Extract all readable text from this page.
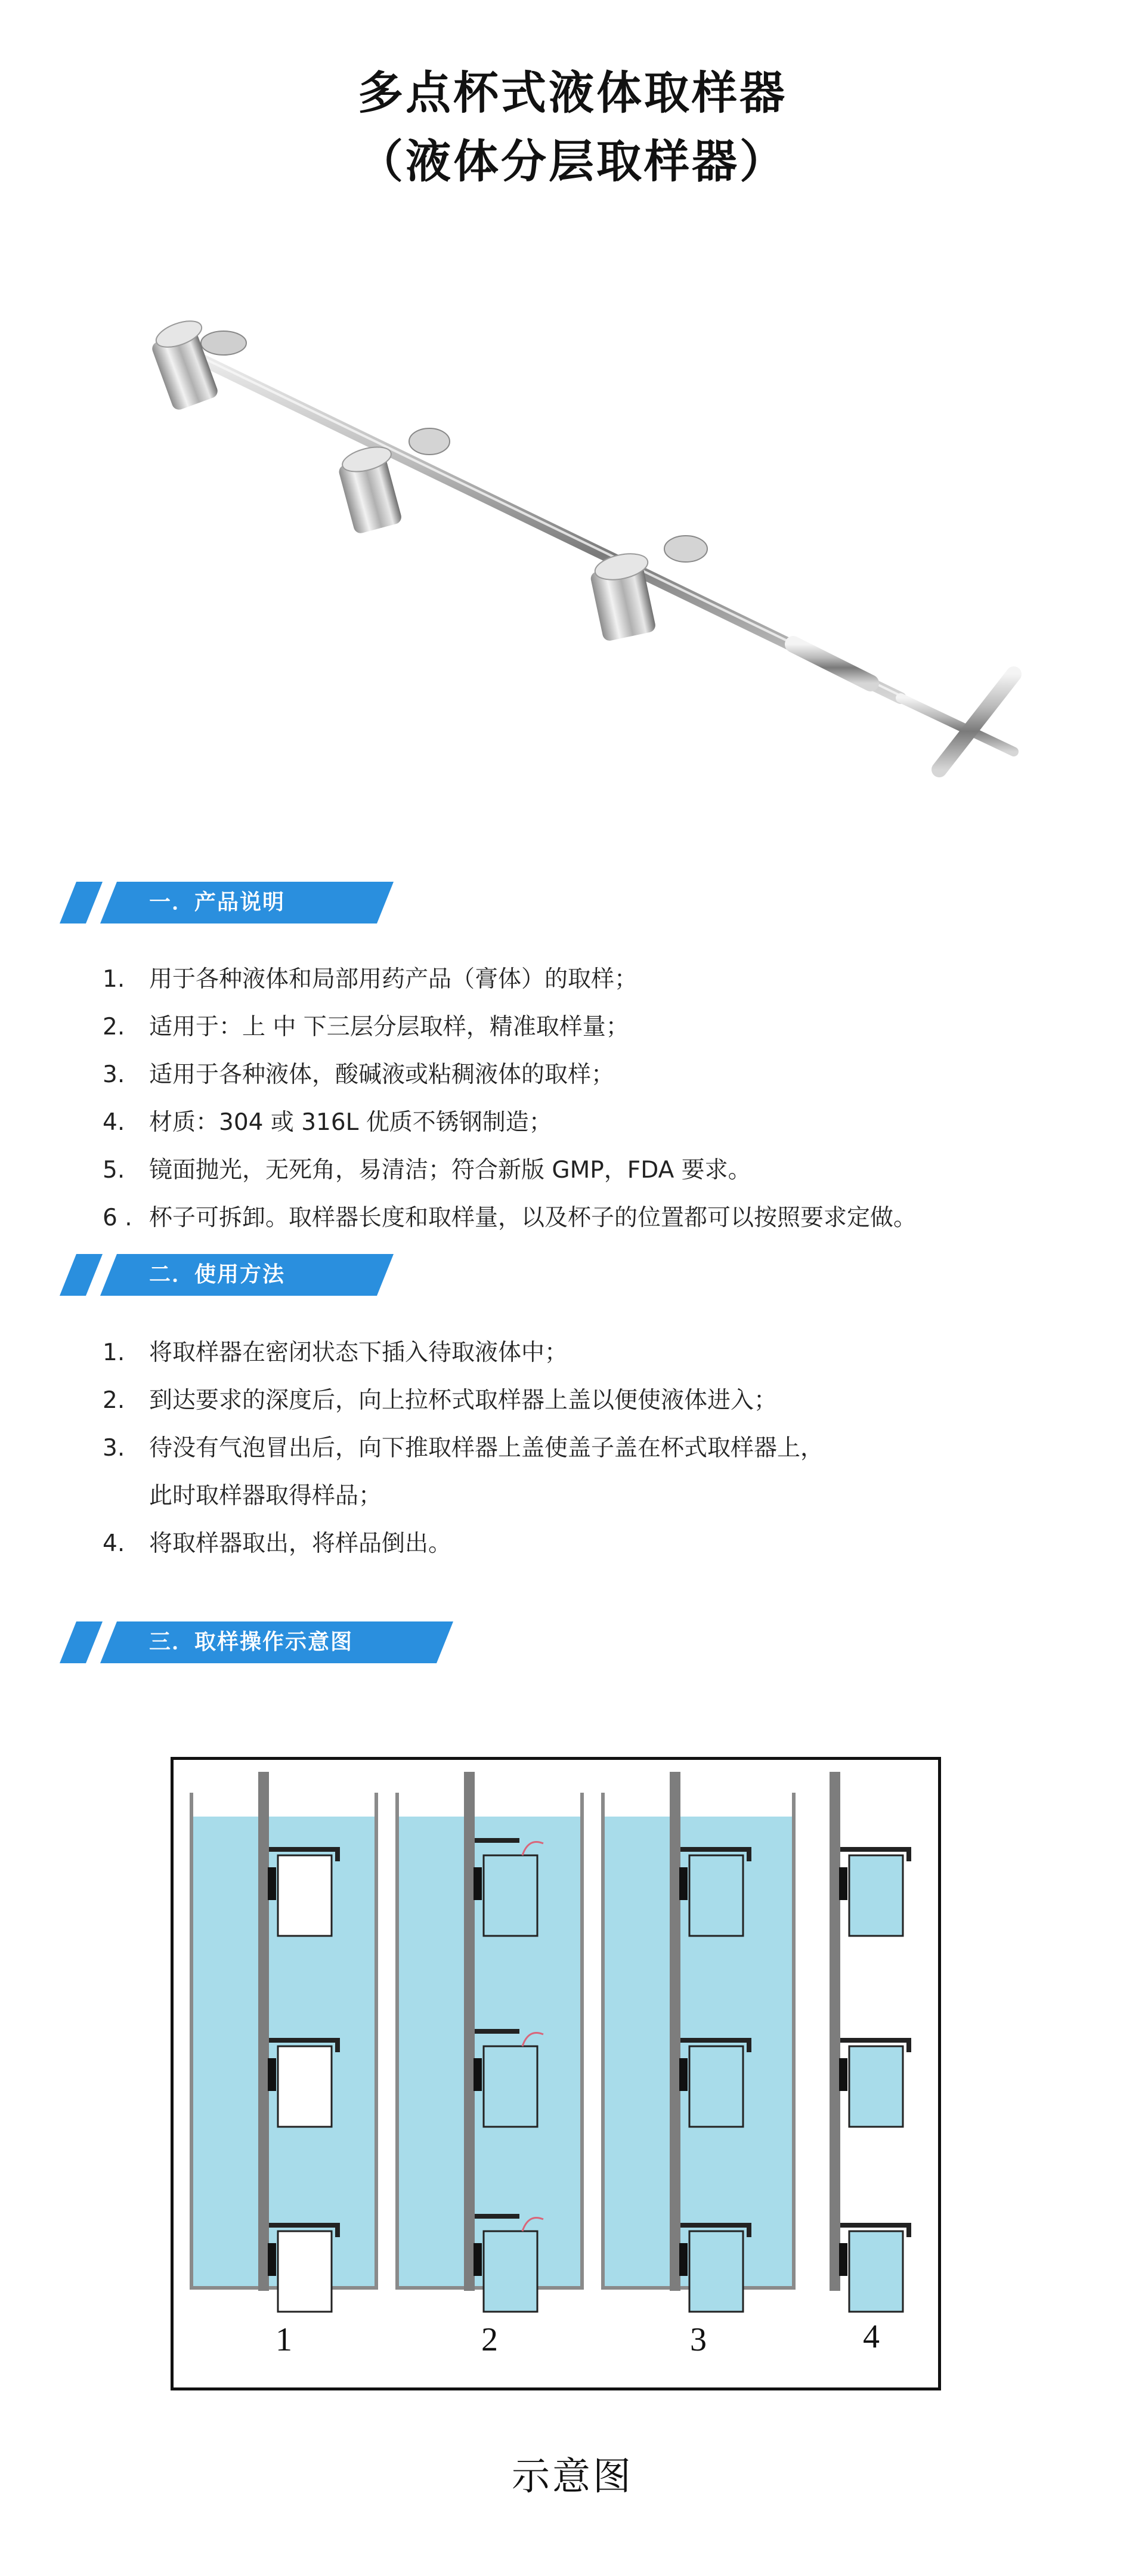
多点杯式液体取样器
（液体分层取样器）
一．产品说明
1. 用于各种液体和局部用药产品（膏体）的取样；
2. 适用于：上 中 下三层分层取样，精准取样量；
3. 适用于各种液体，酸碱液或粘稠液体的取样；
4. 材质：304 或 316L 优质不锈钢制造；
5. 镜面抛光，无死角，易清洁；符合新版 GMP，FDA 要求。
6 . 杯子可拆卸。取样器长度和取样量，以及杯子的位置都可以按照要求定做。
二．使用方法
1. 将取样器在密闭状态下插入待取液体中；
2. 到达要求的深度后，向上拉杯式取样器上盖以便使液体进入；
3. 待没有气泡冒出后，向下推取样器上盖使盖子盖在杯式取样器上，
此时取样器取得样品；
4. 将取样器取出，将样品倒出。
三．取样操作示意图
1	2	3	4
示意图
